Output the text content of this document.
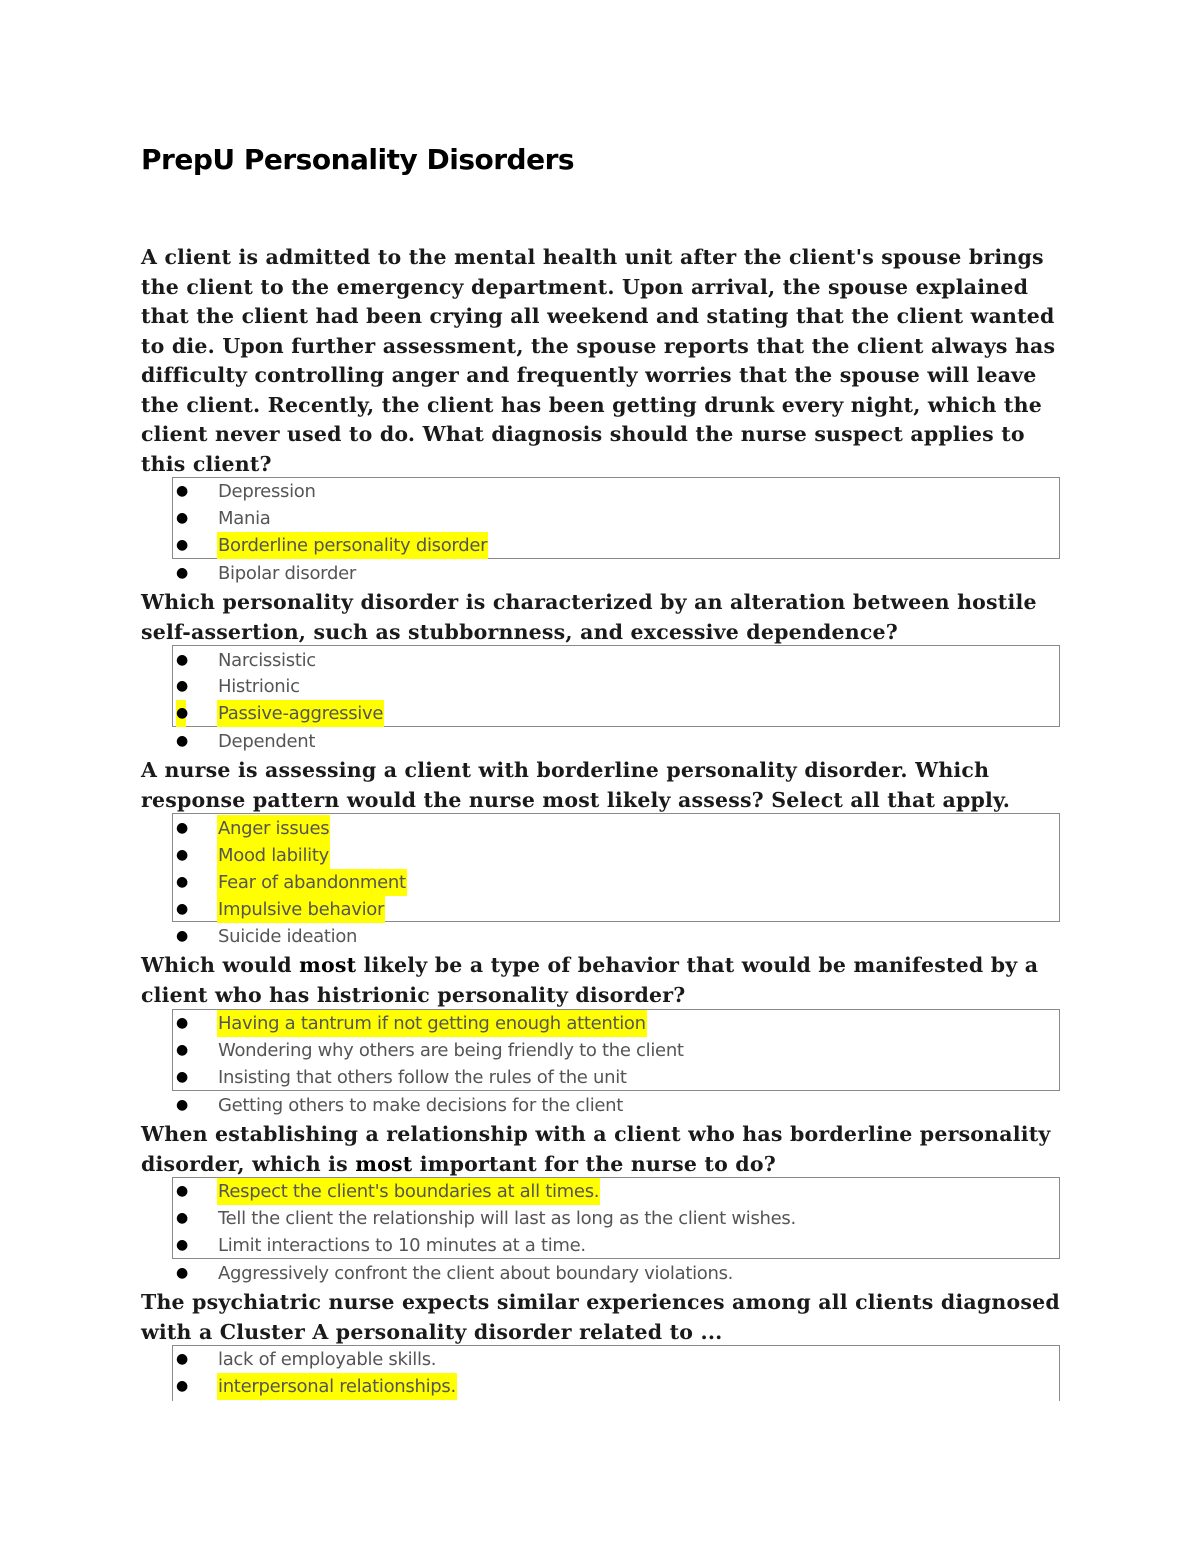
PrepU Personality Disorders
A client is admitted to the mental health unit after the client's spouse brings
the client to the emergency department. Upon arrival, the spouse explained
that the client had been crying all weekend and stating that the client wanted
to die. Upon further assessment, the spouse reports that the client always has
difficulty controlling anger and frequently worries that the spouse will leave
the client. Recently, the client has been getting drunk every night, which the
client never used to do. What diagnosis should the nurse suspect applies to
this client?
● Depression
● Mania
● Borderline personality disorder
● Bipolar disorder
Which personality disorder is characterized by an alteration between hostile
self-assertion, such as stubbornness, and excessive dependence?
● Narcissistic
● Histrionic
● Passive-aggressive
● Dependent
A nurse is assessing a client with borderline personality disorder. Which
response pattern would the nurse most likely assess? Select all that apply.
● Anger issues
● Mood lability
● Fear of abandonment
● Impulsive behavior
● Suicide ideation
Which would most likely be a type of behavior that would be manifested by a
client who has histrionic personality disorder?
● Having a tantrum if not getting enough attention
● Wondering why others are being friendly to the client
● Insisting that others follow the rules of the unit
● Getting others to make decisions for the client
When establishing a relationship with a client who has borderline personality
disorder, which is most important for the nurse to do?
● Respect the client's boundaries at all times.
● Tell the client the relationship will last as long as the client wishes.
● Limit interactions to 10 minutes at a time.
● Aggressively confront the client about boundary violations.
The psychiatric nurse expects similar experiences among all clients diagnosed
with a Cluster A personality disorder related to ...
● lack of employable skills.
● interpersonal relationships.
